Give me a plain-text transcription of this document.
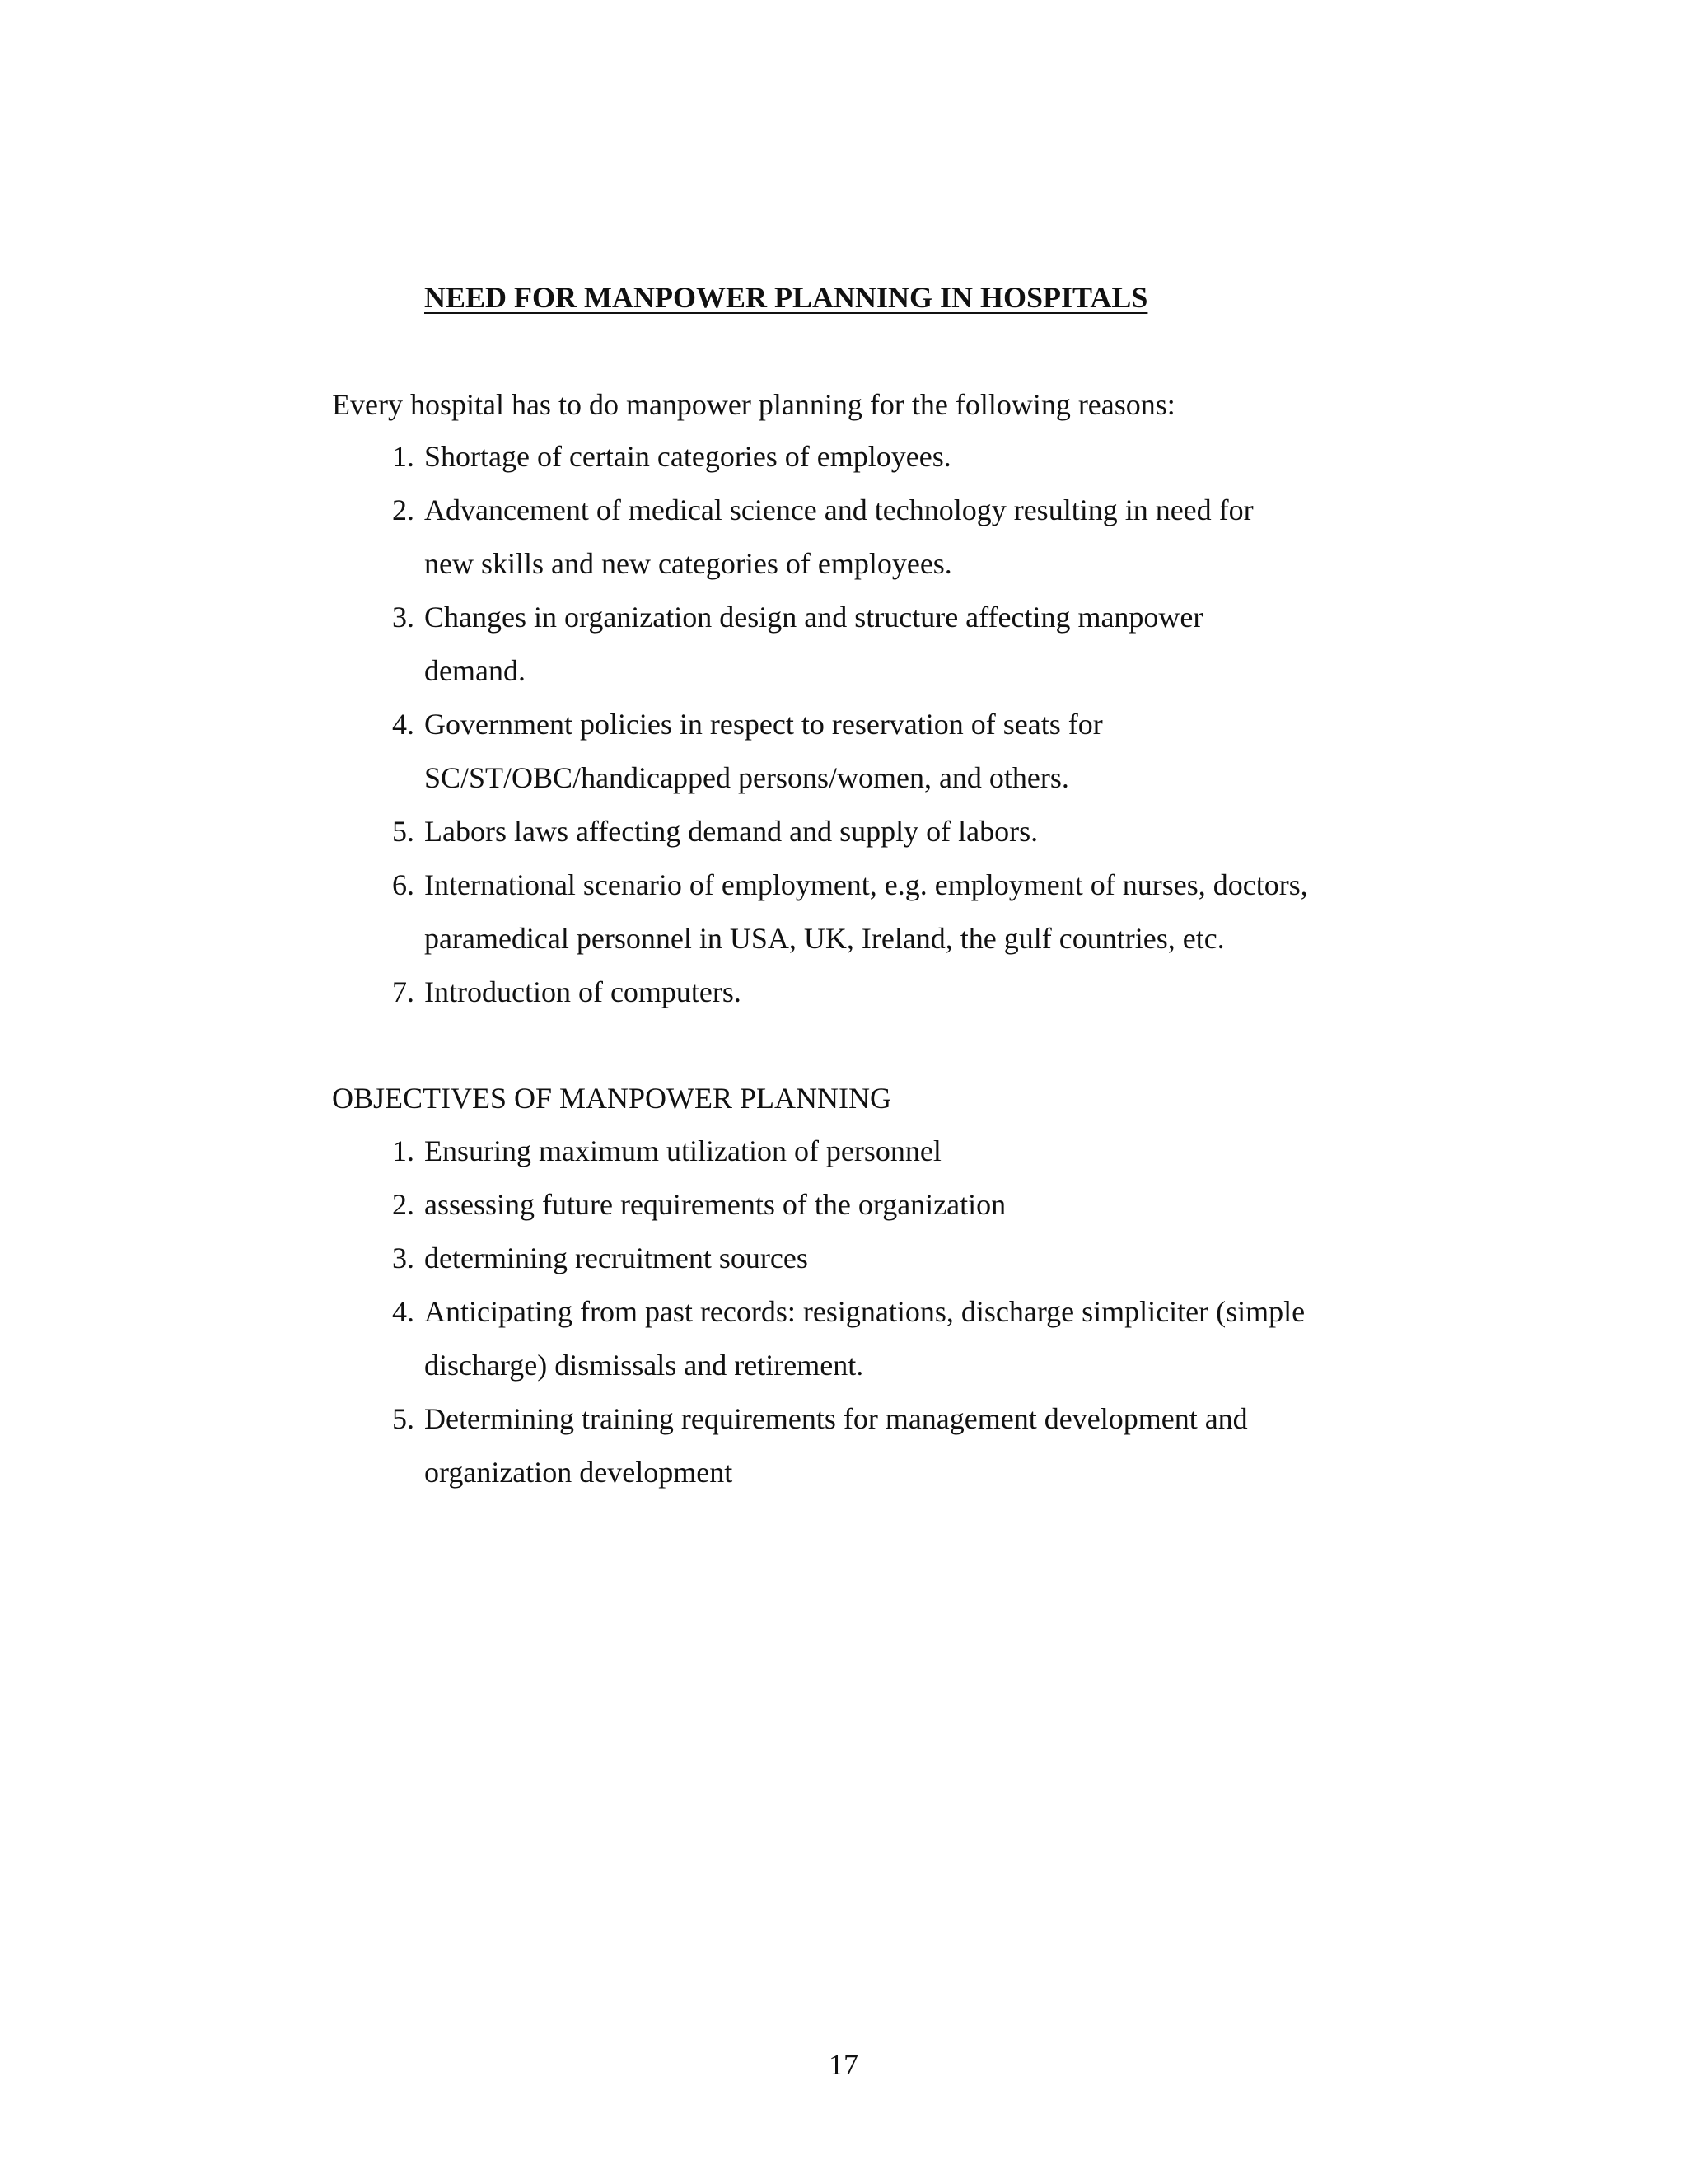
NEED FOR MANPOWER PLANNING IN HOSPITALS

Every hospital has to do manpower planning for the following reasons:

1. Shortage of certain categories of employees.
2. Advancement of medical science and technology resulting in need for
new skills and new categories of employees.
3. Changes in organization design and structure affecting manpower
demand.
4. Government policies in respect to reservation of seats for
SC/ST/OBC/handicapped persons/women, and others.
5. Labors laws affecting demand and supply of labors.
6. International scenario of employment, e.g. employment of nurses, doctors,
paramedical personnel in USA, UK, Ireland, the gulf countries, etc.
7. Introduction of computers.
OBJECTIVES OF MANPOWER PLANNING
1. Ensuring maximum utilization of personnel
2. assessing future requirements of the organization
3. determining recruitment sources
4. Anticipating from past records: resignations, discharge simpliciter (simple
discharge) dismissals and retirement.
5. Determining training requirements for management development and
organization development
17
